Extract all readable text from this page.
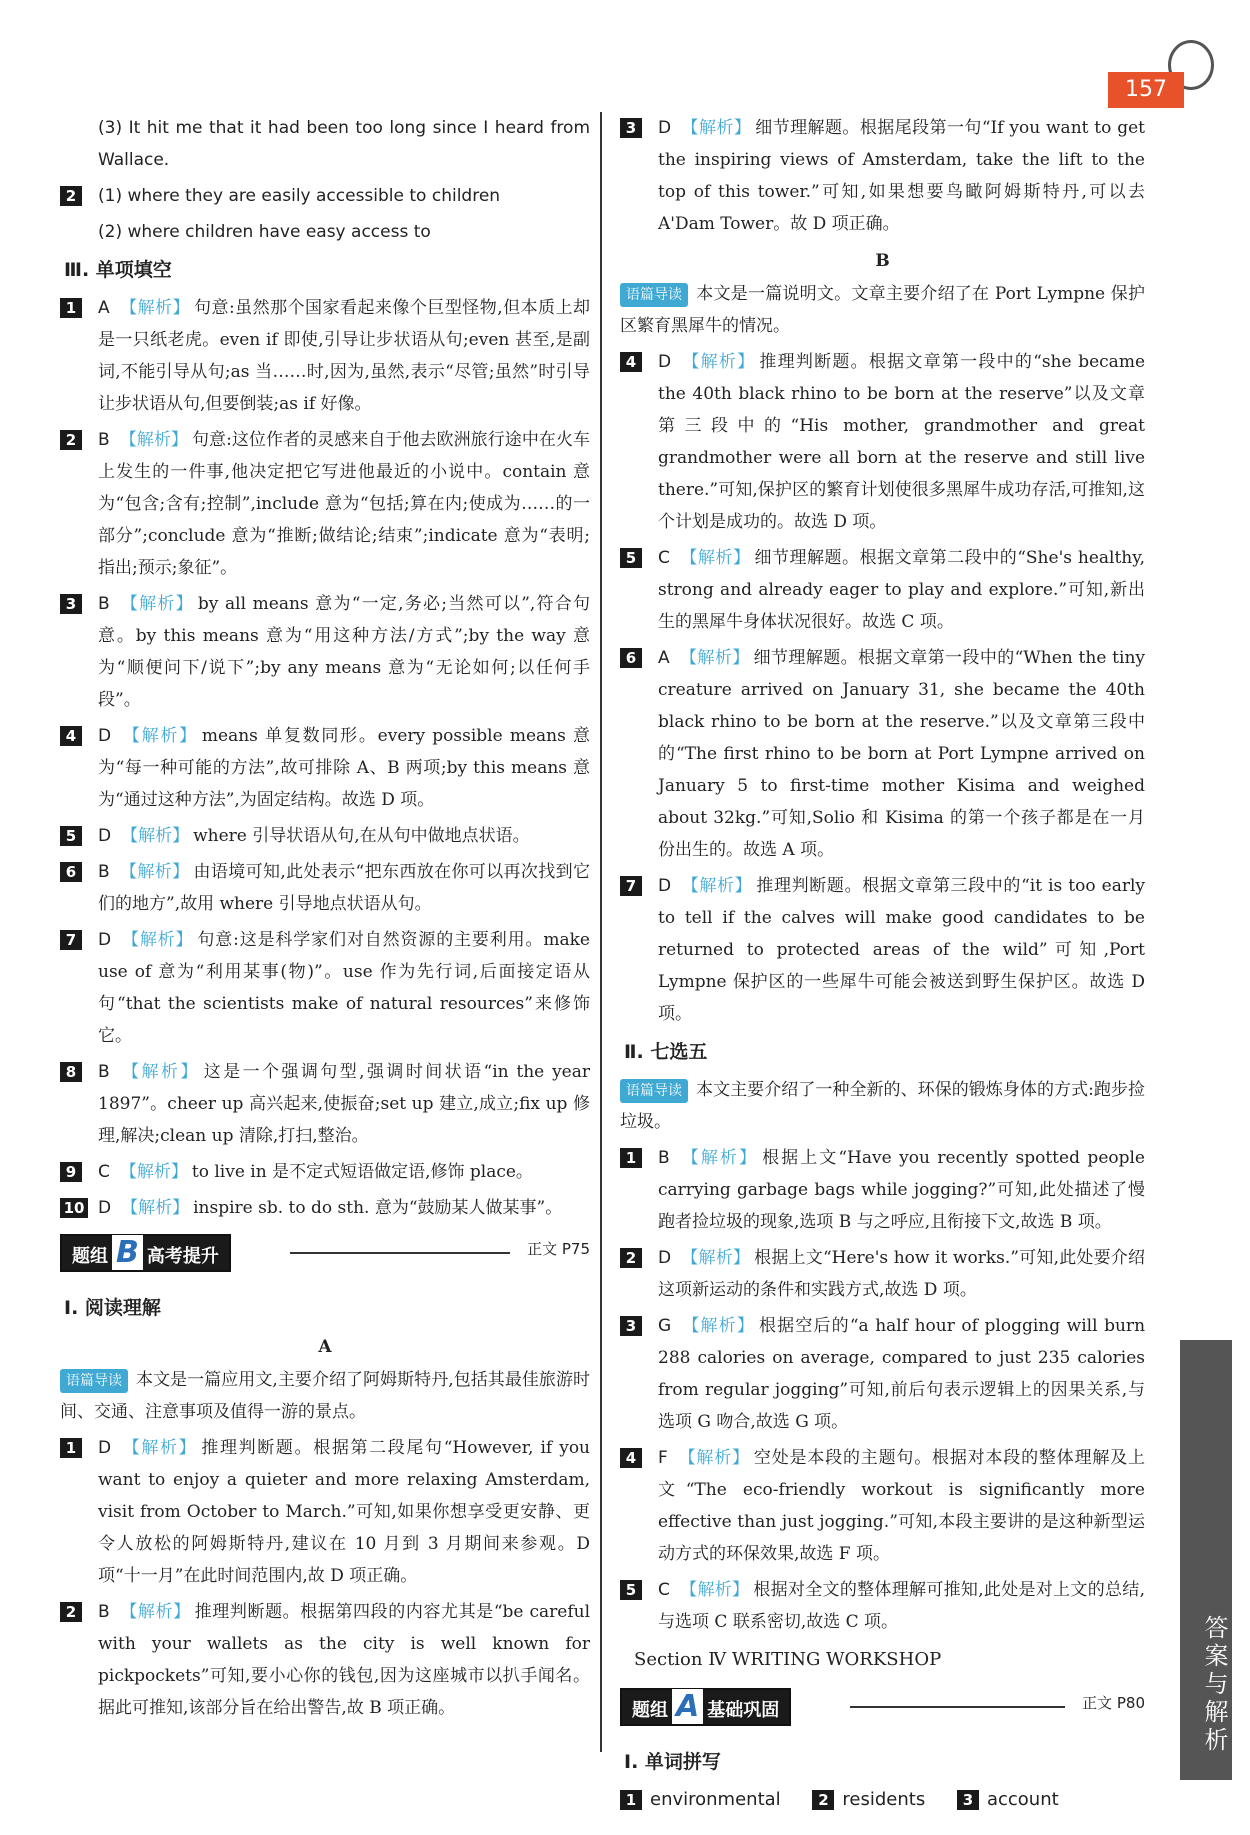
157

(3) It hit me that it had been too long since I heard from Wallace.

2	(1) where they are easily accessible to children

(2) where children have easy access to

Ⅲ. 单项填空

1	A 【解析】 句意:虽然那个国家看起来像个巨型怪物,但本质上却是一只纸老虎。even if 即使,引导让步状语从句;even 甚至,是副词,不能引导从句;as 当……时,因为,虽然,表示“尽管;虽然”时引导让步状语从句,但要倒装;as if 好像。

2	B 【解析】 句意:这位作者的灵感来自于他去欧洲旅行途中在火车上发生的一件事,他决定把它写进他最近的小说中。contain 意为“包含;含有;控制”,include 意为“包括;算在内;使成为……的一部分”;conclude 意为“推断;做结论;结束”;indicate 意为“表明;指出;预示;象征”。

3	B 【解析】 by all means 意为“一定,务必;当然可以”,符合句意。by this means 意为“用这种方法/方式”;by the way 意为“顺便问下/说下”;by any means 意为“无论如何;以任何手段”。

4	D 【解析】 means 单复数同形。every possible means 意为“每一种可能的方法”,故可排除 A、B 两项;by this means 意为“通过这种方法”,为固定结构。故选 D 项。

5	D 【解析】 where 引导状语从句,在从句中做地点状语。

6	B 【解析】 由语境可知,此处表示“把东西放在你可以再次找到它们的地方”,故用 where 引导地点状语从句。

7	D 【解析】 句意:这是科学家们对自然资源的主要利用。make use of 意为“利用某事(物)”。use 作为先行词,后面接定语从句“that the scientists make of natural resources”来修饰它。

8	B 【解析】 这是一个强调句型,强调时间状语“in the year 1897”。cheer up 高兴起来,使振奋;set up 建立,成立;fix up 修理,解决;clean up 清除,打扫,整治。

9	C 【解析】 to live in 是不定式短语做定语,修饰 place。

10 D 【解析】 inspire sb. to do sth. 意为“鼓励某人做某事”。

题组 B 高考提升	正文 P75
Ⅰ. 阅读理解
A

语篇导读 本文是一篇应用文,主要介绍了阿姆斯特丹,包括其最佳旅游时间、交通、注意事项及值得一游的景点。

1	D 【解析】 推理判断题。根据第二段尾句“However, if you want to enjoy a quieter and more relaxing Amsterdam, visit from October to March.”可知,如果你想享受更安静、更令人放松的阿姆斯特丹,建议在 10 月到 3 月期间来参观。D 项“十一月”在此时间范围内,故 D 项正确。

2	B 【解析】 推理判断题。根据第四段的内容尤其是“be careful with your wallets as the city is well known for pickpockets”可知,要小心你的钱包,因为这座城市以扒手闻名。据此可推知,该部分旨在给出警告,故 B 项正确。

3	D 【解析】 细节理解题。根据尾段第一句“If you want to get the inspiring views of Amsterdam, take the lift to the top of this tower.”可知,如果想要鸟瞰阿姆斯特丹,可以去 A'Dam Tower。故 D 项正确。

B

语篇导读 本文是一篇说明文。文章主要介绍了在 Port Lympne 保护区繁育黑犀牛的情况。

4	D 【解析】 推理判断题。根据文章第一段中的“she became the 40th black rhino to be born at the reserve”以及文章第三段中的“His mother, grandmother and great grandmother were all born at the reserve and still live there.”可知,保护区的繁育计划使很多黑犀牛成功存活,可推知,这个计划是成功的。故选 D 项。

5	C 【解析】 细节理解题。根据文章第二段中的“She's healthy, strong and already eager to play and explore.”可知,新出生的黑犀牛身体状况很好。故选 C 项。

6	A 【解析】 细节理解题。根据文章第一段中的“When the tiny creature arrived on January 31, she became the 40th black rhino to be born at the reserve.”以及文章第三段中的“The first rhino to be born at Port Lympne arrived on January 5 to first-time mother Kisima and weighed about 32kg.”可知,Solio 和 Kisima 的第一个孩子都是在一月份出生的。故选 A 项。

7	D 【解析】 推理判断题。根据文章第三段中的“it is too early to tell if the calves will make good candidates to be returned to protected areas of the wild”可知,Port Lympne 保护区的一些犀牛可能会被送到野生保护区。故选 D 项。

Ⅱ. 七选五

语篇导读 本文主要介绍了一种全新的、环保的锻炼身体的方式:跑步捡垃圾。

1	B 【解析】 根据上文“Have you recently spotted people carrying garbage bags while jogging?”可知,此处描述了慢跑者捡垃圾的现象,选项 B 与之呼应,且衔接下文,故选 B 项。

2	D 【解析】 根据上文“Here's how it works.”可知,此处要介绍这项新运动的条件和实践方式,故选 D 项。

3	G 【解析】 根据空后的“a half hour of plogging will burn 288 calories on average, compared to just 235 calories from regular jogging”可知,前后句表示逻辑上的因果关系,与选项 G 吻合,故选 G 项。

4	F 【解析】 空处是本段的主题句。根据对本段的整体理解及上文“The eco-friendly workout is significantly more effective than just jogging.”可知,本段主要讲的是这种新型运动方式的环保效果,故选 F 项。

5	C 【解析】 根据对全文的整体理解可推知,此处是对上文的总结,与选项 C 联系密切,故选 C 项。

Section Ⅳ WRITING WORKSHOP
题组 A 基础巩固	正文 P80
Ⅰ. 单词拼写
1 environmental	2 residents	3 account
答案与解析
